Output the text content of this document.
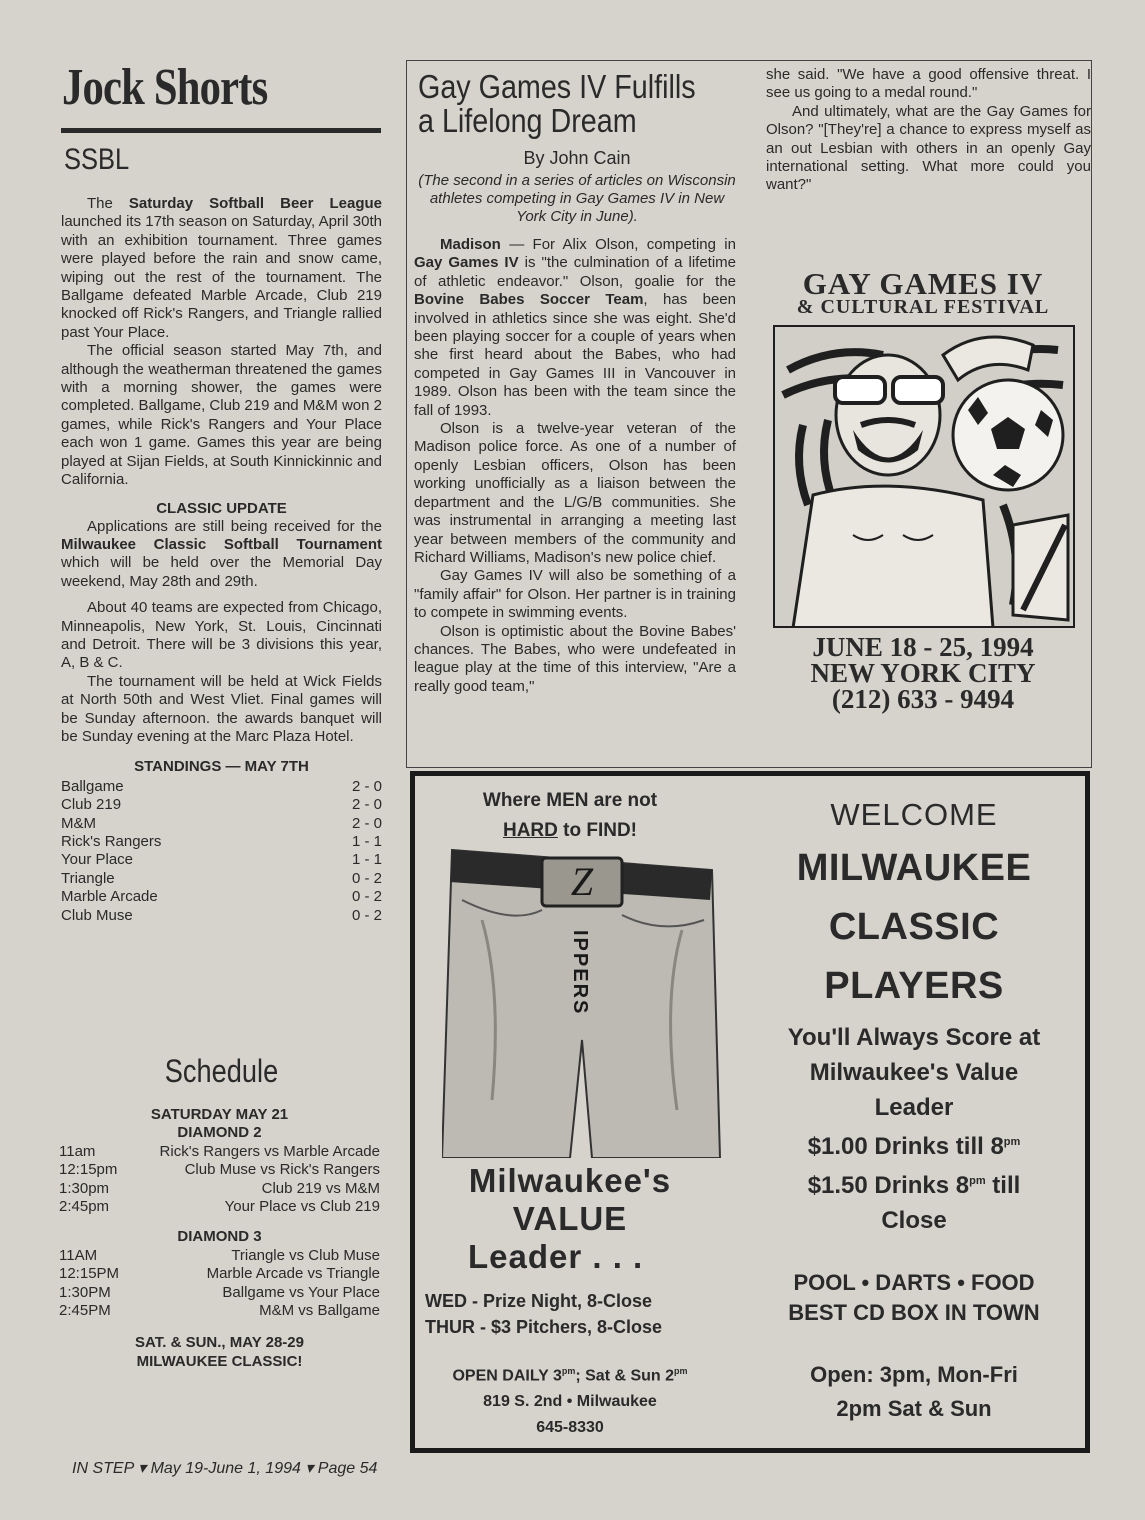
Jock Shorts
SSBL

The Saturday Softball Beer League launched its 17th season on Saturday, April 30th with an exhibition tournament. Three games were played before the rain and snow came, wiping out the rest of the tournament. The Ballgame defeated Marble Arcade, Club 219 knocked off Rick's Rangers, and Triangle rallied past Your Place.

The official season started May 7th, and although the weatherman threatened the games with a morning shower, the games were completed. Ballgame, Club 219 and M&M won 2 games, while Rick's Rangers and Your Place each won 1 game. Games this year are being played at Sijan Fields, at South Kinnickinnic and California.

CLASSIC UPDATE

Applications are still being received for the Milwaukee Classic Softball Tournament which will be held over the Memorial Day weekend, May 28th and 29th.

About 40 teams are expected from Chicago, Minneapolis, New York, St. Louis, Cincinnati and Detroit. There will be 3 divisions this year, A, B & C.

The tournament will be held at Wick Fields at North 50th and West Vliet. Final games will be Sunday afternoon. the awards banquet will be Sunday evening at the Marc Plaza Hotel.

STANDINGS — MAY 7TH
Ballgame	2 - 0
Club 219	2 - 0
M&M	2 - 0
Rick's Rangers	1 - 1
Your Place	1 - 1
Triangle	0 - 2
Marble Arcade	0 - 2
Club Muse	0 - 2
Schedule
SATURDAY MAY 21
DIAMOND 2
11am	Rick's Rangers vs Marble Arcade
12:15pm	Club Muse vs Rick's Rangers
1:30pm	Club 219 vs M&M
2:45pm	Your Place vs Club 219
DIAMOND 3
11AM	Triangle vs Club Muse
12:15PM	Marble Arcade vs Triangle
1:30PM	Ballgame vs Your Place
2:45PM	M&M vs Ballgame
SAT. & SUN., MAY 28-29
MILWAUKEE CLASSIC!
Gay Games IV Fulfills a Lifelong Dream
By John Cain
(The second in a series of articles on Wisconsin athletes competing in Gay Games IV in New York City in June).

Madison — For Alix Olson, competing in Gay Games IV is "the culmination of a lifetime of athletic endeavor." Olson, goalie for the Bovine Babes Soccer Team, has been involved in athletics since she was eight. She'd been playing soccer for a couple of years when she first heard about the Babes, who had competed in Gay Games III in Vancouver in 1989. Olson has been with the team since the fall of 1993.

Olson is a twelve-year veteran of the Madison police force. As one of a number of openly Lesbian officers, Olson has been working unofficially as a liaison between the department and the L/G/B communities. She was instrumental in arranging a meeting last year between members of the community and Richard Williams, Madison's new police chief.

Gay Games IV will also be something of a "family affair" for Olson. Her partner is in training to compete in swimming events.

Olson is optimistic about the Bovine Babes' chances. The Babes, who were undefeated in league play at the time of this interview, "Are a really good team,"

she said. "We have a good offensive threat. I see us going to a medal round."

And ultimately, what are the Gay Games for Olson? "[They're] a chance to express myself as an out Lesbian with others in an openly Gay international setting. What more could you want?"

GAY GAMES IV
& CULTURAL FESTIVAL
JUNE 18 - 25, 1994
NEW YORK CITY
(212) 633 - 9494
Where MEN are not
HARD to FIND!
Z
IPPERS
Milwaukee's
VALUE
Leader . . .
WED - Prize Night, 8-Close
THUR - $3 Pitchers, 8-Close
OPEN DAILY $3^{pm}$; Sat & Sun $2^{pm}$
819 S. 2nd • Milwaukee
645-8330
WELCOME
MILWAUKEE
CLASSIC
PLAYERS
You'll Always Score at
Milwaukee's Value
Leader
$1.00 Drinks till $8^{pm}$
$1.50 Drinks $8^{pm}$ till
Close
POOL • DARTS • FOOD
BEST CD BOX IN TOWN
Open: 3pm, Mon-Fri
2pm Sat & Sun
IN STEP ▾ May 19-June 1, 1994 ▾ Page 54
